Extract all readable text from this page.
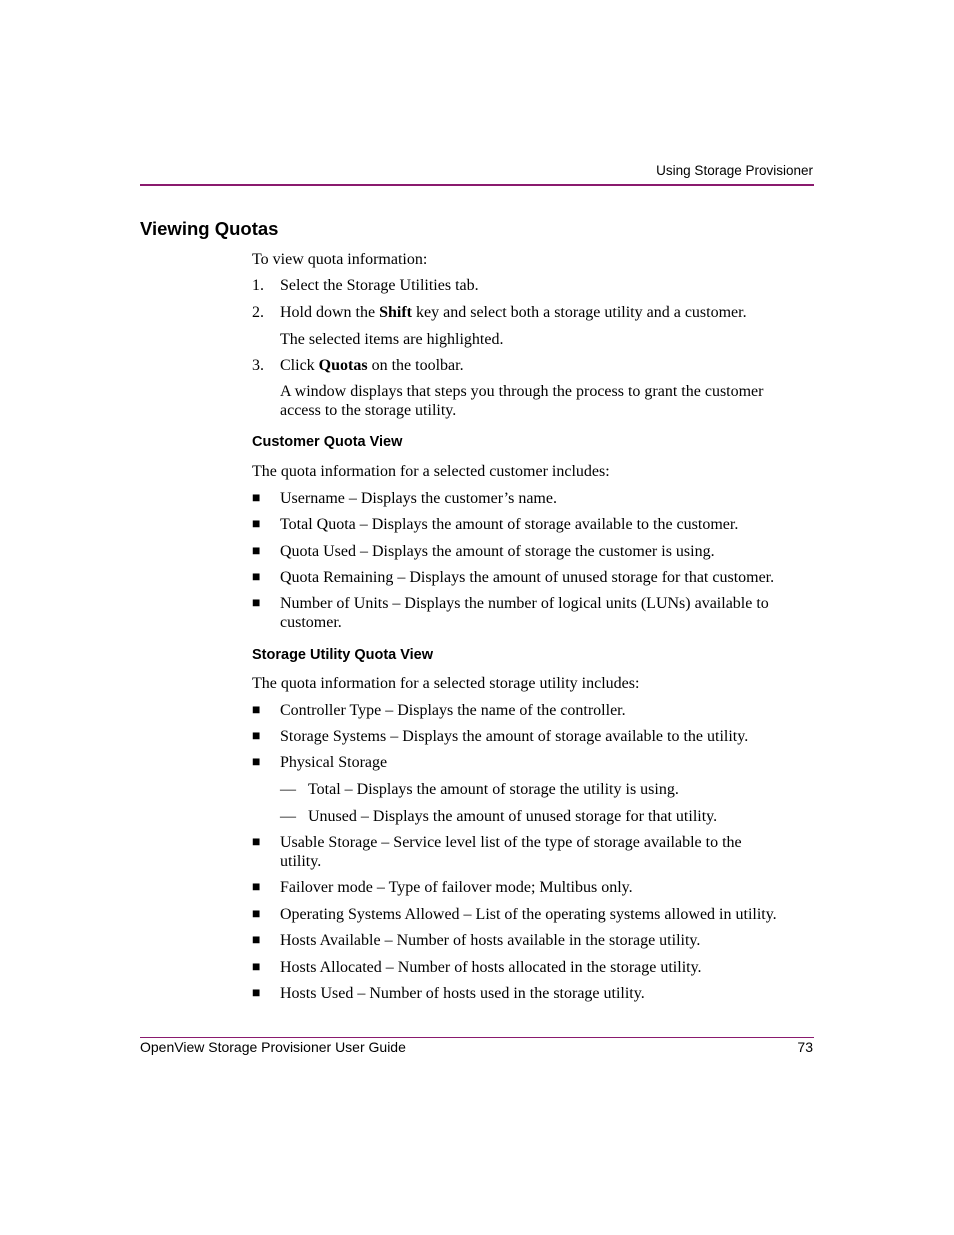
Using Storage Provisioner
Viewing Quotas
To view quota information:
1. Select the Storage Utilities tab.
2. Hold down the Shift key and select both a storage utility and a customer.
The selected items are highlighted.
3. Click Quotas on the toolbar.
A window displays that steps you through the process to grant the customer
access to the storage utility.
Customer Quota View
The quota information for a selected customer includes:
■ Username – Displays the customer’s name.
■ Total Quota – Displays the amount of storage available to the customer.
■ Quota Used – Displays the amount of storage the customer is using.
■ Quota Remaining – Displays the amount of unused storage for that customer.
■ Number of Units – Displays the number of logical units (LUNs) available to
customer.
Storage Utility Quota View
The quota information for a selected storage utility includes:
■ Controller Type – Displays the name of the controller.
■ Storage Systems – Displays the amount of storage available to the utility.
■ Physical Storage
— Total – Displays the amount of storage the utility is using.
— Unused – Displays the amount of unused storage for that utility.
■ Usable Storage – Service level list of the type of storage available to the
utility.
■ Failover mode – Type of failover mode; Multibus only.
■ Operating Systems Allowed – List of the operating systems allowed in utility.
■ Hosts Available – Number of hosts available in the storage utility.
■ Hosts Allocated – Number of hosts allocated in the storage utility.
■ Hosts Used – Number of hosts used in the storage utility.
OpenView Storage Provisioner User Guide	73
